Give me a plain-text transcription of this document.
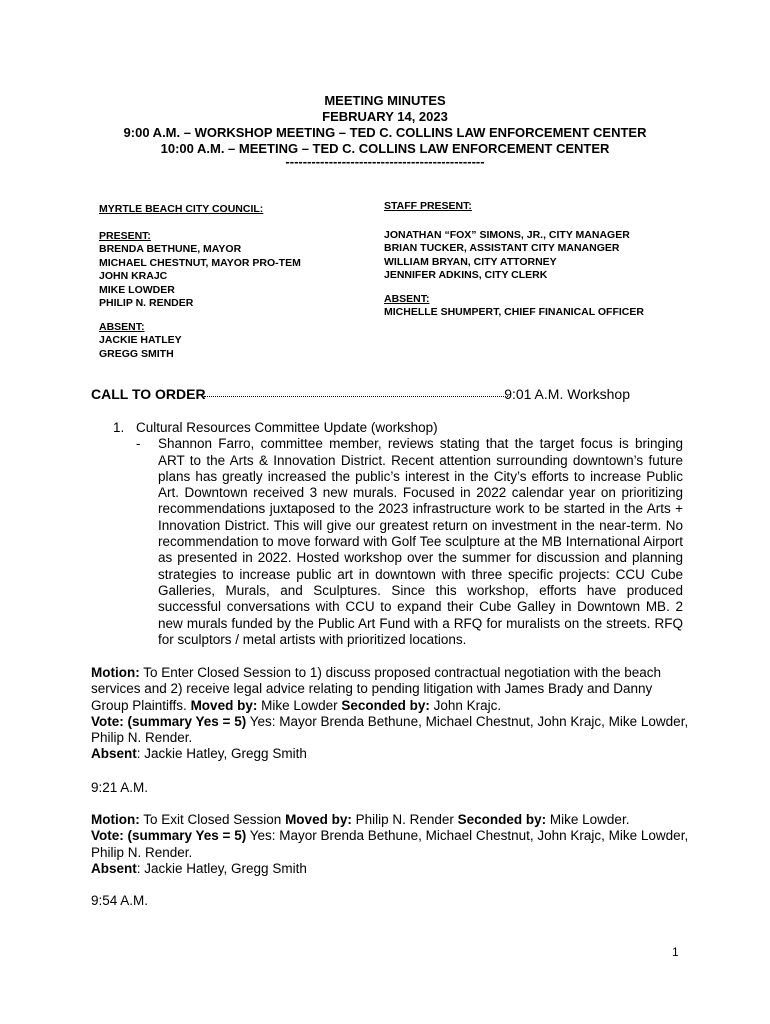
MEETING MINUTES
FEBRUARY 14, 2023
9:00 A.M. – WORKSHOP MEETING – TED C. COLLINS LAW ENFORCEMENT CENTER
10:00 A.M. – MEETING – TED C. COLLINS LAW ENFORCEMENT CENTER
----------------------------------------------
MYRTLE BEACH CITY COUNCIL:
PRESENT:
BRENDA BETHUNE, MAYOR
MICHAEL CHESTNUT, MAYOR PRO-TEM
JOHN KRAJC
MIKE LOWDER
PHILIP N. RENDER
ABSENT:
JACKIE HATLEY
GREGG SMITH
STAFF PRESENT:
JONATHAN “FOX” SIMONS, JR., CITY MANAGER
BRIAN TUCKER, ASSISTANT CITY MANANGER
WILLIAM BRYAN, CITY ATTORNEY
JENNIFER ADKINS, CITY CLERK
ABSENT:
MICHELLE SHUMPERT, CHIEF FINANICAL OFFICER
CALL TO ORDER	9:01 A.M. Workshop
1. Cultural Resources Committee Update (workshop)
- Shannon Farro, committee member, reviews stating that the target focus is bringing ART to the Arts & Innovation District. Recent attention surrounding downtown’s future plans has greatly increased the public’s interest in the City’s efforts to increase Public Art. Downtown received 3 new murals. Focused in 2022 calendar year on prioritizing recommendations juxtaposed to the 2023 infrastructure work to be started in the Arts + Innovation District. This will give our greatest return on investment in the near-term. No recommendation to move forward with Golf Tee sculpture at the MB International Airport as presented in 2022. Hosted workshop over the summer for discussion and planning strategies to increase public art in downtown with three specific projects: CCU Cube Galleries, Murals, and Sculptures. Since this workshop, efforts have produced successful conversations with CCU to expand their Cube Galley in Downtown MB. 2 new murals funded by the Public Art Fund with a RFQ for muralists on the streets. RFQ for sculptors / metal artists with prioritized locations.
Motion: To Enter Closed Session to 1) discuss proposed contractual negotiation with the beach services and 2) receive legal advice relating to pending litigation with James Brady and Danny Group Plaintiffs. Moved by: Mike Lowder Seconded by: John Krajc.
Vote: (summary Yes = 5) Yes: Mayor Brenda Bethune, Michael Chestnut, John Krajc, Mike Lowder, Philip N. Render.
Absent: Jackie Hatley, Gregg Smith
9:21 A.M.
Motion: To Exit Closed Session Moved by: Philip N. Render Seconded by: Mike Lowder.
Vote: (summary Yes = 5) Yes: Mayor Brenda Bethune, Michael Chestnut, John Krajc, Mike Lowder, Philip N. Render.
Absent: Jackie Hatley, Gregg Smith
9:54 A.M.
1
